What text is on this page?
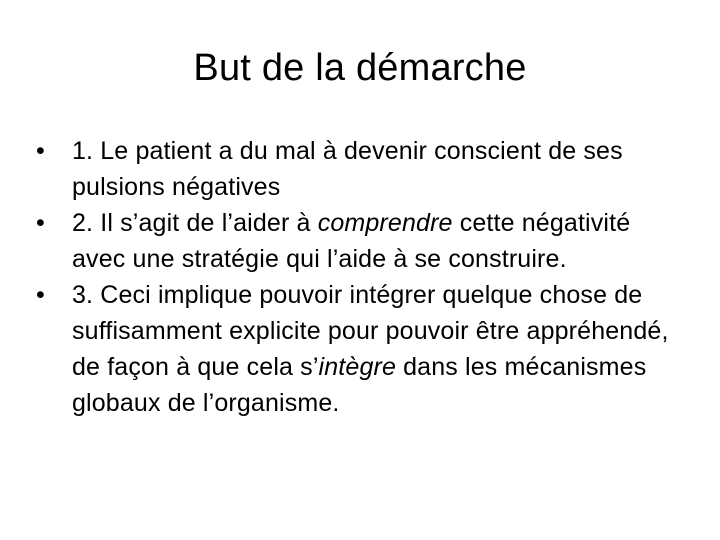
But de la démarche
•	1. Le patient a du mal à devenir conscient de ses pulsions négatives
•	2. Il s’agit de l’aider à comprendre cette négativité avec une stratégie qui l’aide à se construire.
•	3. Ceci implique pouvoir intégrer quelque chose de suffisamment explicite pour pouvoir être appréhendé, de façon à que cela s’intègre dans les mécanismes globaux de l’organisme.
